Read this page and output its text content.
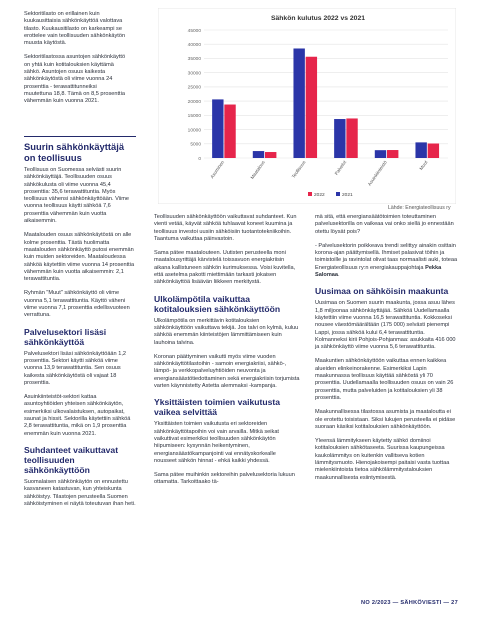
Sektoritilasto on erillainen kuin kuukausittaisia sähkönkäyttöä valottava tilasto. Kuukausitilasto on karkeampi se erottelee vain teollisuuden sähkönkäytön muusta käytöstä.

Sektoritilastossa asuntojen sähkönkäyttö on yhtä kuin kotitalouksien käyttämä sähkö. Asuntojen osuus kaikesta sähkönkäytöstä oli viime vuonna 24 prosenttia - terawattitunneiksi muutettuna 18,8. Tämä on 8,5 prosenttia vähemmän kuin vuonna 2021.

Sähkön kulutus 2022 vs 2021
0
5000
10000
15000
20000
25000
30000
35000
40000
45000
Asuminen	Maatalous	Teollisuus	Palvelut	Asuinkiinteistö	Muut
2022	2021
Lähde: Energiateollisuus ry
Suurin sähkönkäyttäjä on teollisuus

Teollisuus on Suomessa selvästi suurin sähkönkäyttäjä. Teollisuuden osuus sähkökulusta oli viime vuonna 45,4 prosenttia: 35,6 terawattituntia. Myös teollisuus vähensi sähkönkäyttöään. Viime vuonna teollisuus käytti sähköä 7,6 prosenttia vähemmän kuin vuotta aikaisemmin.

Maatalouden osuus sähkönkäytöstä on alle kolme prosenttia. Tästä huolimatta maatalouden sähkönkäyttö putosi enemmän kuin muiden sektoreiden. Maataloudessa sähköä käytettiin viime vuonna 14 prosenttia vähemmän kuin vuotta aikaisemmin: 2,1 terawattituntia.

Ryhmän "Muut" sähkönkäyttö oli viime vuonna 5,1 terawattituntia. Käyttö väheni viime vuonna 7,1 prosenttia edellisvuoteen verrattuna.

Palvelusektori lisäsi sähkönkäyttöä

Palvelusektori lisäsi sähkönkäyttöään 1,2 prosenttia. Sektori käytti sähköä viime vuonna 13,9 terawattituntia. Sen osuus kaikesta sähkönkäytöstä oli vajaat 18 prosenttia.

Asuinkiinteistöt-sektori kattaa asuntoyhtiöiden yhteisen sähkönkäytön, esimerkiksi ulkovalaistuksen, autopaikat, saunat ja hissit. Sektorilla käytettiin sähköä 2,8 terawattituntia, mikä on 1,9 prosenttia enemmän kuin vuonna 2021.

Suhdanteet vaikuttavat teollisuuden sähkönkäyttöön

Suomalaisen sähkönkäytön on ennustettu kasvaneen katastuvan, kun yhteiskunta sähköistyy. Tilastojen perusteella Suomen sähköistyminen ei näytä toteutuvan ihan heti.

Teollisuuden sähkönkäyttöön vaikuttavat suhdanteet. Kun vienti vetää, käyvät sähköä tuhlaavat koneet kuumina ja teollisuus investoi uusiin sähköisiin tuotantotekniikoihin. Taantuma vaikuttaa päinvastoin.

Sama pätee maatalouteen. Uutisten perusteella moni maatalousyrittäjä kärvistelä toissavuon energiakriisin aikana kallistuneen sähkön kurimuksessa. Voisi kuvitella, että asetelma pakotti miettimään tarkasti jokaisen sähkönkäyttöä lisäävän liikkeen merkitystä.

Ulkolämpötila vaikuttaa kotitalouksien sähkönkäyttöön

Ulkolämpötila on merkittävin kotitalouksien sähkönkäyttöön vaikuttava tekijä. Jos talvi on kylmä, kuluu sähköä enemmän kiinteistöjen lämmittämiseen kuin lauhoina talvina.

Koronan päättyminen vaikutti myös viime vuoden sähkönkäyttötilastoihin - samoin energiakriisi, sähkö-, lämpö- ja verkkopalveluyhtiöiden neuvonta ja energiansäästötiedottaminen sekä energiakriisin torjumista varten käynnistetty Astetta alemmaksi -kampanja.

Yksittäisten toimien vaikutusta vaikea selvittää

Yksittäisten toimien vaikutusta eri sektoreiden sähkönkäyttötapoihin voi vain arvailla. Mitkä seikat vaikuttivat esimerkiksi teollisuuden sähkönkäytön hiipumiseen: kysynnän heikentyminen, energiansäästökampanjointi vai ennätyskorkealle nousseet sähkön hinnat - ehkä kaikki yhdessä.

Sama pätee muihinkin sektoreihin palvelusektoria lukuun ottamatta. Tarkoittaako tä-

mä sitä, että energiansäätötoimien toteuttaminen palvelusektorilla on vaikeaa vai onko siellä jo ennestään otettu löysät pois?

- Palvelusektorin poikkeava trendi selittyy ainakin osittain korona-ajan päättymisellä. Ihmiset palasivat töihin ja toimistoille ja ravintolat olivat taas normaalisti auki, toteaa Energiateollisuus ry:n energiakauppajohtaja Pekka Salomaa.

Uusimaa on sähköisin maakunta

Uusimaa on Suomen suurin maakunta, jossa asuu lähes 1,8 miljoonaa sähkönkäyttäjää. Sähköä Uudellamaalla käytettiin viime vuonna 16,5 terawattituntia. Kokkoseksi nousee väestömäärältään (175 000) selvästi pienempi Lappi, jossa sähköä kului 6,4 terawattituntia. Kolmanneksi kirii Pohjois-Pohjanmaa: asukkaita 416 000 ja sähkönkäyttö viime vuonna 5,6 terawattituntia.

Maakuntien sähkönkäyttöön vaikuttaa ennen kaikkea alueiden elinkeinorakenne. Esimerkiksi Lapin maakunnassa teollisuus käyttää sähköstä yli 70 prosenttia. Uudellamaalla teollisuuden osuus on vain 26 prosenttia, mutta palveluiden ja kotitalouksien yli 38 prosenttia.

Maakunnallisessa tilastossa asumista ja maataloutta ei ole erotettu toisistaan. Siksi lukujen perusteella ei pidäse suoraan käsiksi kotitalouksien sähkönkäyttöön.

Yleensä lämmitykseen käytetty sähkö domiinoi kotitalouksien sähkötaseeta. Suurissa kaupungeissa kaukolämmitys on kuitenkin vallitseva kotien lämmitysmuoto. Hienojakoisempi paitaisi vasta tuottaa mielenkiintoista tietoa sähkölämmitystalouksien maakunnallisesta esiintymisestä.

NO 2/2023 — SÄHKÖVIESTI — 27
